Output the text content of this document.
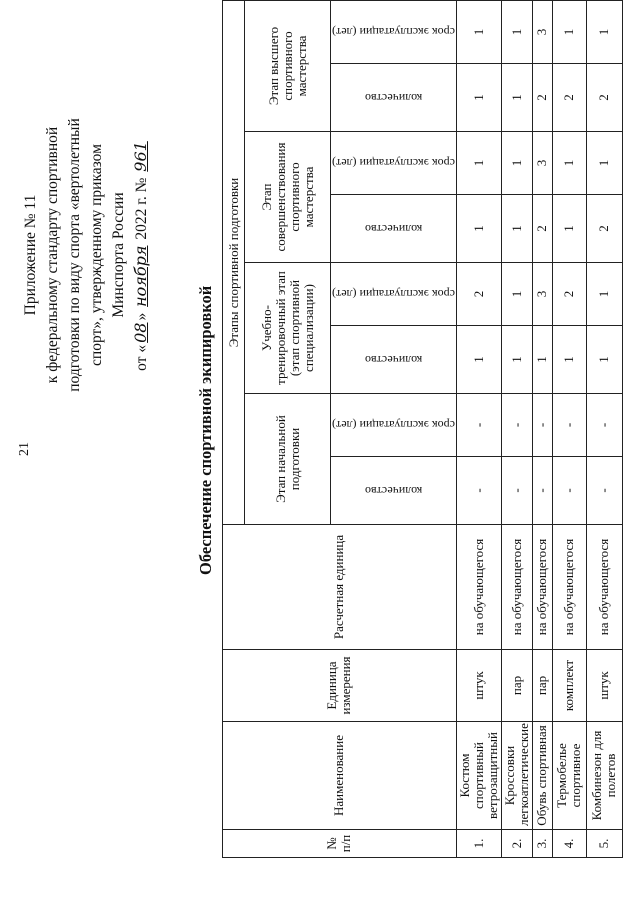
21
Приложение № 11 к федеральному стандарту спортивной подготовки по виду спорта «вертолетный спорт», утвержденному приказом Минспорта России
от «08» ноября 2022 г. № 961
Обеспечение спортивной экипировкой
№ п/п	Наименование	Единица измерения	Расчетная единица	Этапы спортивной подготовки							
				Этап начальной подготовки		Учебно-тренировочный этап (этап спортивной специализации)		Этап совершенствования спортивного мастерства		Этап высшего спортивного мастерства	

				количество	срок эксплуатации (лет)	количество	срок эксплуатации (лет)	количество	срок эксплуатации (лет)	количество	срок эксплуатации (лет)

1.	Костюм спортивный ветрозащитный	штук	на обучающегося	-	-	1	2	1	1	1	1
2.	Кроссовки легкоатлетические	пар	на обучающегося	-	-	1	1	1	1	1	1
3.	Обувь спортивная	пар	на обучающегося	-	-	1	3	2	3	2	3
4.	Термобелье спортивное	комплект	на обучающегося	-	-	1	2	1	1	2	1
5.	Комбинезон для полетов	штук	на обучающегося	-	-	1	1	2	1	2	1
